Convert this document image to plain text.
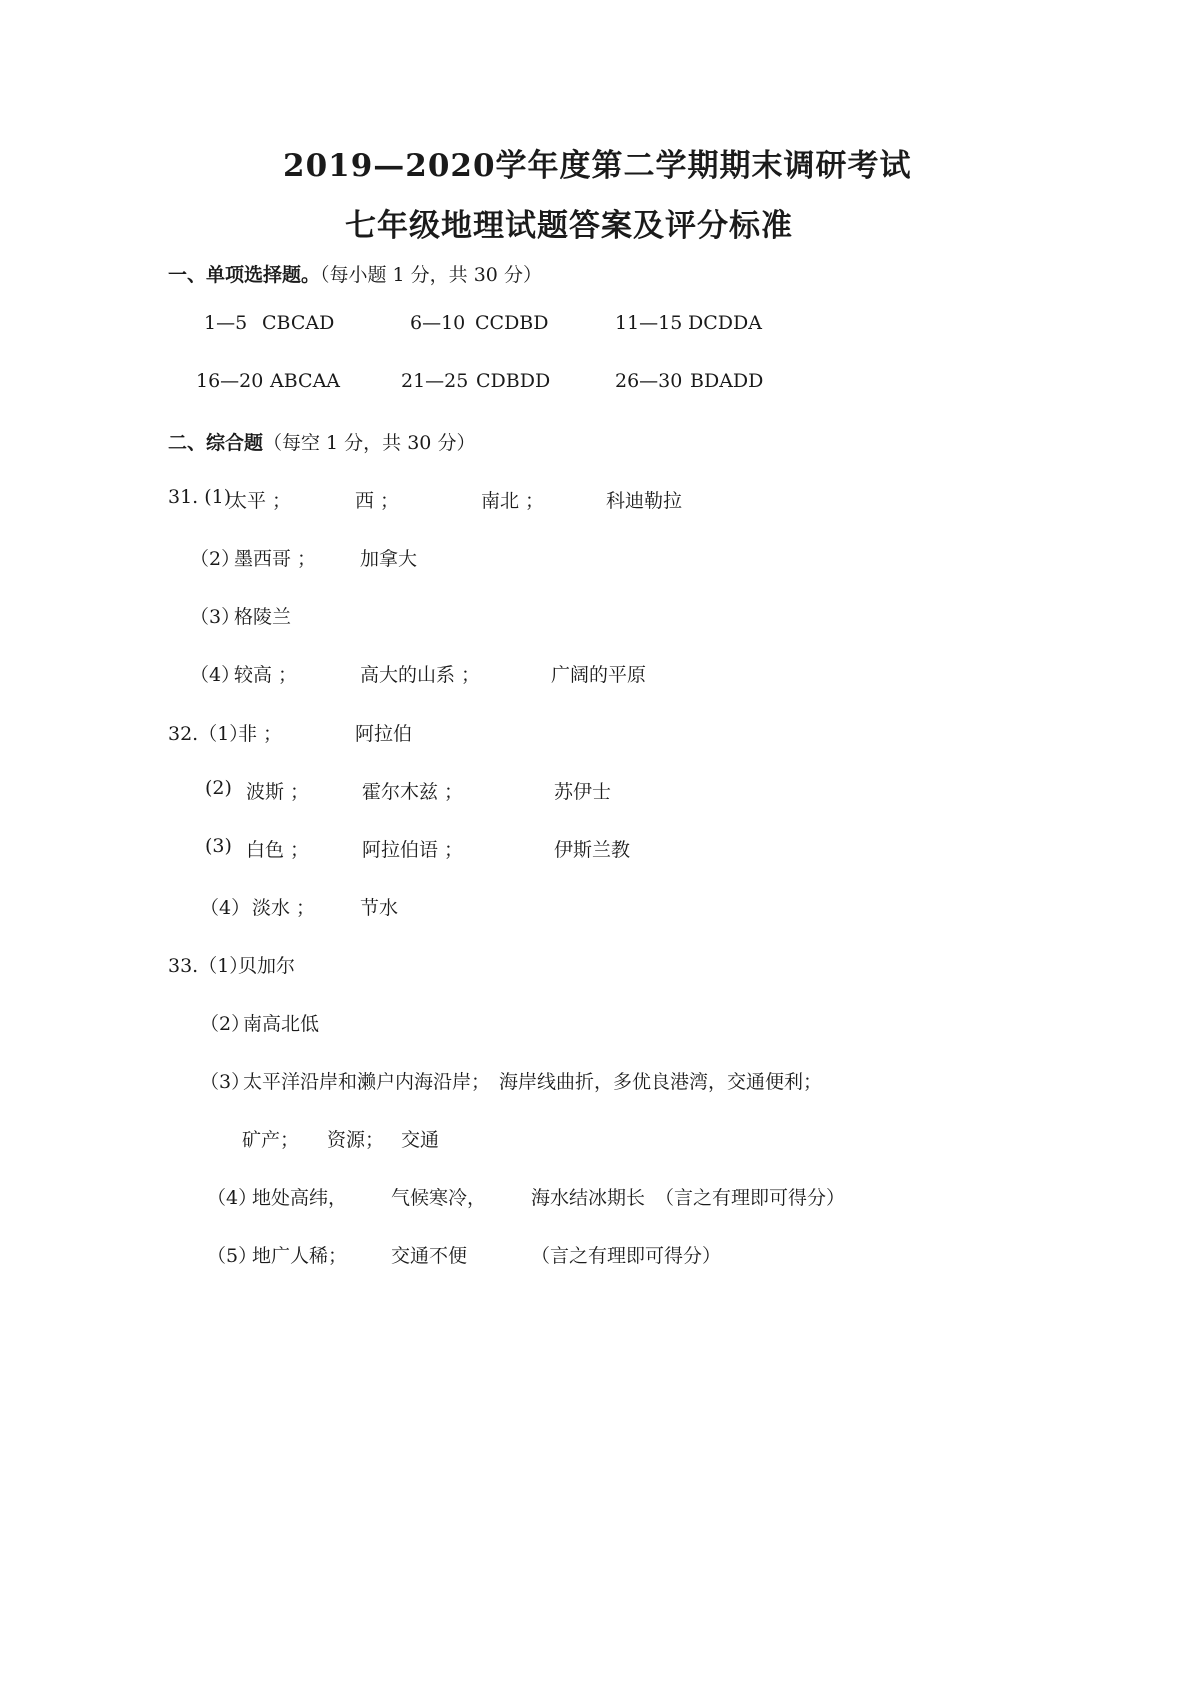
2019—2020学年度第二学期期末调研考试
七年级地理试题答案及评分标准
一、单项选择题。（每小题 1 分，共 30 分）
1—5 CBCAD	6—10 CCDBD	11—15 DCDDA
16—20 ABCAA	21—25 CDBDD	26—30 BDADD
二、综合题（每空 1 分，共 30 分）
31. (1)
太平 ；	西 ；	南北 ；	科迪勒拉
（2）
墨西哥 ； 加拿大
（3）
格陵兰
（4）
较高 ；	高大的山系 ；	广阔的平原
32.（1）
非 ；	阿拉伯
(2) 波斯 ；	霍尔木兹 ；	苏伊士
(3) 白色 ；	阿拉伯语 ；	伊斯兰教
（4） 淡水 ； 节水
33.（1）
贝加尔
（2）
南高北低
（3）
太平洋沿岸和濑户内海沿岸； 海岸线曲折，多优良港湾，交通便利；
矿产； 资源； 交通
（4）
地处高纬， 气候寒冷， 海水结冰期长 （言之有理即可得分）
（5）
地广人稀； 交通不便	（言之有理即可得分）
